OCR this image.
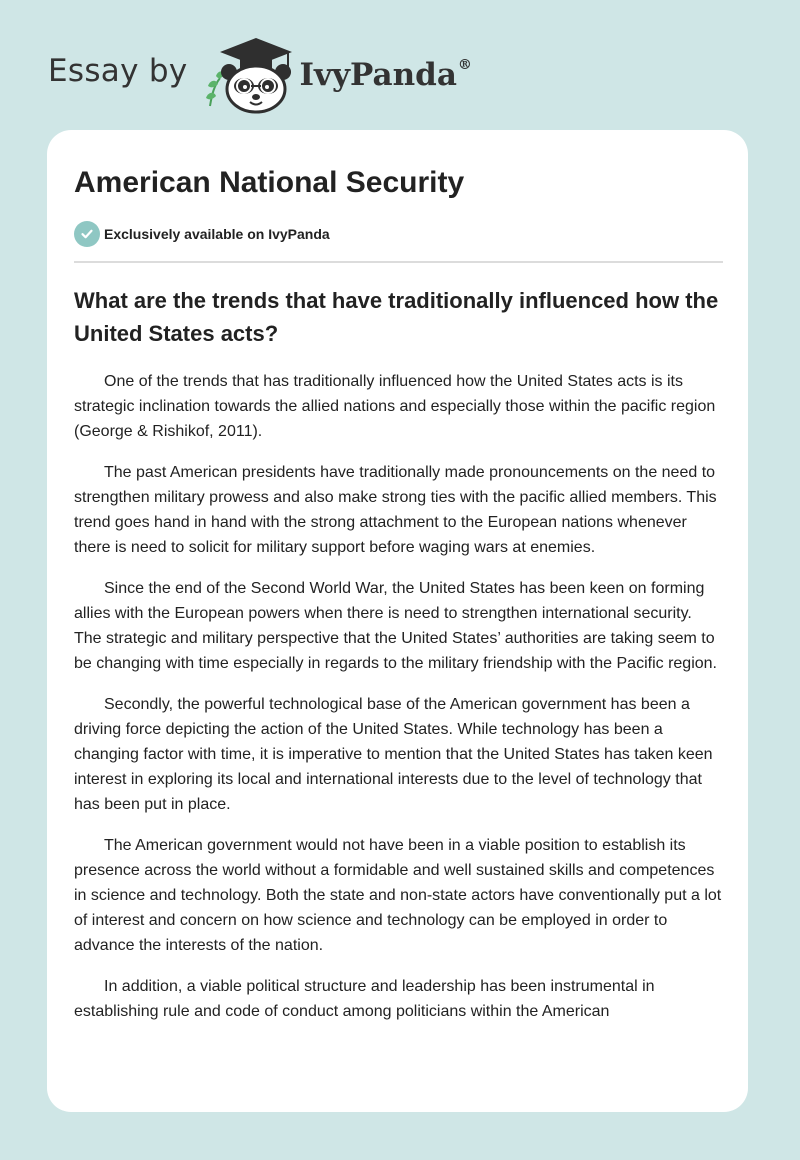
Essay by	IvyPanda®
American National Security
Exclusively available on IvyPanda
What are the trends that have traditionally influenced how the United States acts?

One of the trends that has traditionally influenced how the United States acts is its strategic inclination towards the allied nations and especially those within the pacific region (George & Rishikof, 2011).

The past American presidents have traditionally made pronouncements on the need to strengthen military prowess and also make strong ties with the pacific allied members. This trend goes hand in hand with the strong attachment to the European nations whenever there is need to solicit for military support before waging wars at enemies.

Since the end of the Second World War, the United States has been keen on forming allies with the European powers when there is need to strengthen international security. The strategic and military perspective that the United States’ authorities are taking seem to be changing with time especially in regards to the military friendship with the Pacific region.

Secondly, the powerful technological base of the American government has been a driving force depicting the action of the United States. While technology has been a changing factor with time, it is imperative to mention that the United States has taken keen interest in exploring its local and international interests due to the level of technology that has been put in place.

The American government would not have been in a viable position to establish its presence across the world without a formidable and well sustained skills and competences in science and technology. Both the state and non-state actors have conventionally put a lot of interest and concern on how science and technology can be employed in order to advance the interests of the nation.

In addition, a viable political structure and leadership has been instrumental in establishing rule and code of conduct among politicians within the American
